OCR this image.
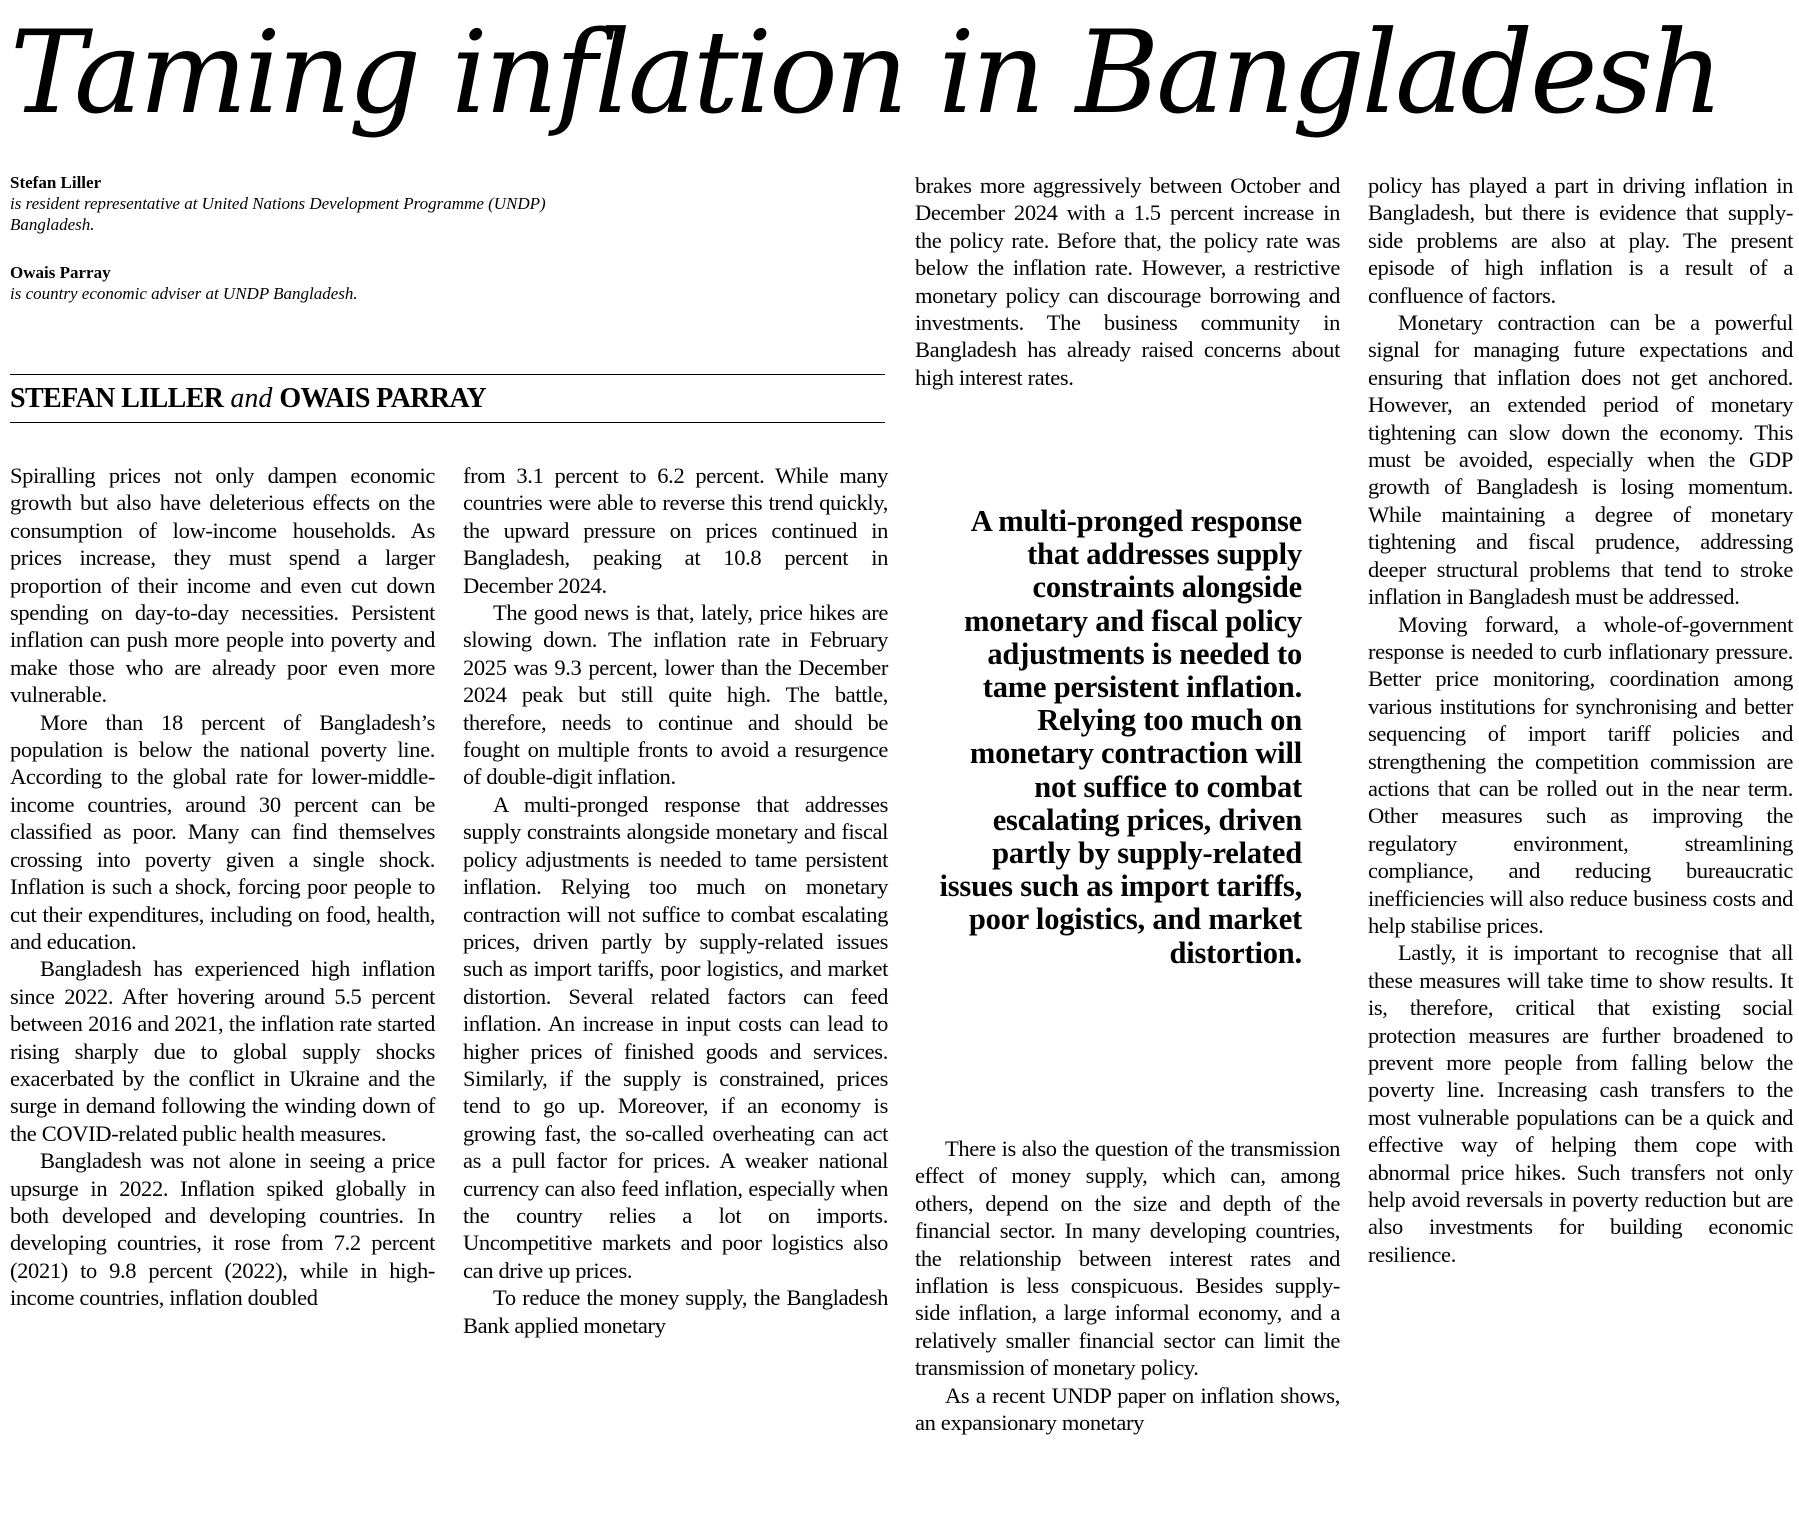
Taming inflation in Bangladesh
Stefan Liller
is resident representative at United Nations Development Programme (UNDP) Bangladesh.
Owais Parray
is country economic adviser at UNDP Bangladesh.
STEFAN LILLER and OWAIS PARRAY

Spiralling prices not only dampen economic growth but also have deleterious effects on the consumption of low-income households. As prices increase, they must spend a larger proportion of their income and even cut down spending on day-to-day necessities. Persistent inflation can push more people into poverty and make those who are already poor even more vulnerable.

More than 18 percent of Bangladesh’s population is below the national poverty line. According to the global rate for lower-middle-income countries, around 30 percent can be classified as poor. Many can find themselves crossing into poverty given a single shock. Inflation is such a shock, forcing poor people to cut their expenditures, including on food, health, and education.

Bangladesh has experienced high inflation since 2022. After hovering around 5.5 percent between 2016 and 2021, the inflation rate started rising sharply due to global supply shocks exacerbated by the conflict in Ukraine and the surge in demand following the winding down of the COVID-related public health measures.

Bangladesh was not alone in seeing a price upsurge in 2022. Inflation spiked globally in both developed and developing countries. In developing countries, it rose from 7.2 percent (2021) to 9.8 percent (2022), while in high-income countries, inflation doubled

from 3.1 percent to 6.2 percent. While many countries were able to reverse this trend quickly, the upward pressure on prices continued in Bangladesh, peaking at 10.8 percent in December 2024.

The good news is that, lately, price hikes are slowing down. The inflation rate in February 2025 was 9.3 percent, lower than the December 2024 peak but still quite high. The battle, therefore, needs to continue and should be fought on multiple fronts to avoid a resurgence of double-digit inflation.

A multi-pronged response that addresses supply constraints alongside monetary and fiscal policy adjustments is needed to tame persistent inflation. Relying too much on monetary contraction will not suffice to combat escalating prices, driven partly by supply-related issues such as import tariffs, poor logistics, and market distortion. Several related factors can feed inflation. An increase in input costs can lead to higher prices of finished goods and services. Similarly, if the supply is constrained, prices tend to go up. Moreover, if an economy is growing fast, the so-called overheating can act as a pull factor for prices. A weaker national currency can also feed inflation, especially when the country relies a lot on imports. Uncompetitive markets and poor logistics also can drive up prices.

To reduce the money supply, the Bangladesh Bank applied monetary

brakes more aggressively between October and December 2024 with a 1.5 percent increase in the policy rate. Before that, the policy rate was below the inflation rate. However, a restrictive monetary policy can discourage borrowing and investments. The business community in Bangladesh has already raised concerns about high interest rates.

A multi-pronged response that addresses supply constraints alongside monetary and fiscal policy adjustments is needed to tame persistent inflation. Relying too much on monetary contraction will not suffice to combat escalating prices, driven partly by supply-related issues such as import tariffs, poor logistics, and market distortion.

There is also the question of the transmission effect of money supply, which can, among others, depend on the size and depth of the financial sector. In many developing countries, the relationship between interest rates and inflation is less conspicuous. Besides supply-side inflation, a large informal economy, and a relatively smaller financial sector can limit the transmission of monetary policy.

As a recent UNDP paper on inflation shows, an expansionary monetary

policy has played a part in driving inflation in Bangladesh, but there is evidence that supply-side problems are also at play. The present episode of high inflation is a result of a confluence of factors.

Monetary contraction can be a powerful signal for managing future expectations and ensuring that inflation does not get anchored. However, an extended period of monetary tightening can slow down the economy. This must be avoided, especially when the GDP growth of Bangladesh is losing momentum. While maintaining a degree of monetary tightening and fiscal prudence, addressing deeper structural problems that tend to stroke inflation in Bangladesh must be addressed.

Moving forward, a whole-of-government response is needed to curb inflationary pressure. Better price monitoring, coordination among various institutions for synchronising and better sequencing of import tariff policies and strengthening the competition commission are actions that can be rolled out in the near term. Other measures such as improving the regulatory environment, streamlining compliance, and reducing bureaucratic inefficiencies will also reduce business costs and help stabilise prices.

Lastly, it is important to recognise that all these measures will take time to show results. It is, therefore, critical that existing social protection measures are further broadened to prevent more people from falling below the poverty line. Increasing cash transfers to the most vulnerable populations can be a quick and effective way of helping them cope with abnormal price hikes. Such transfers not only help avoid reversals in poverty reduction but are also investments for building economic resilience.
